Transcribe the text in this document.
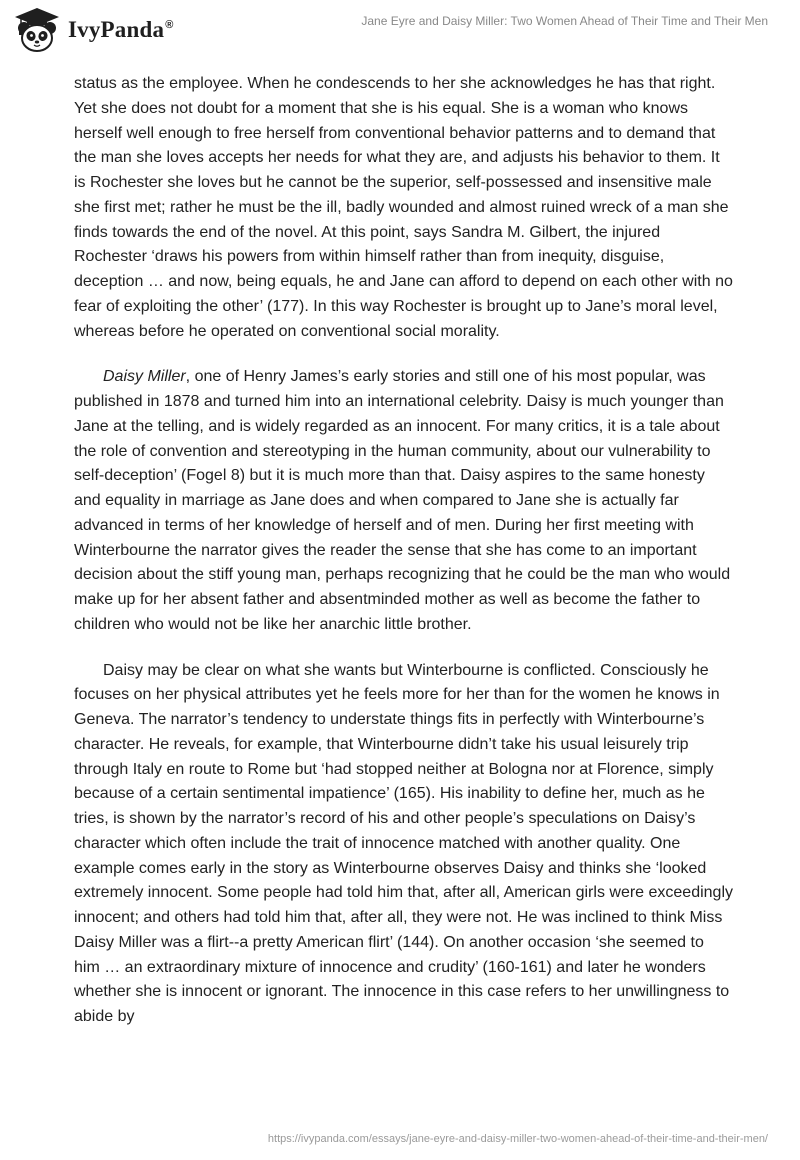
IvyPanda®	Jane Eyre and Daisy Miller: Two Women Ahead of Their Time and Their Men

status as the employee. When he condescends to her she acknowledges he has that right. Yet she does not doubt for a moment that she is his equal. She is a woman who knows herself well enough to free herself from conventional behavior patterns and to demand that the man she loves accepts her needs for what they are, and adjusts his behavior to them. It is Rochester she loves but he cannot be the superior, self-possessed and insensitive male she first met; rather he must be the ill, badly wounded and almost ruined wreck of a man she finds towards the end of the novel. At this point, says Sandra M. Gilbert, the injured Rochester ‘draws his powers from within himself rather than from inequity, disguise, deception … and now, being equals, he and Jane can afford to depend on each other with no fear of exploiting the other’ (177). In this way Rochester is brought up to Jane’s moral level, whereas before he operated on conventional social morality.

Daisy Miller, one of Henry James’s early stories and still one of his most popular, was published in 1878 and turned him into an international celebrity. Daisy is much younger than Jane at the telling, and is widely regarded as an innocent. For many critics, it is a tale about the role of convention and stereotyping in the human community, about our vulnerability to self-deception’ (Fogel 8) but it is much more than that. Daisy aspires to the same honesty and equality in marriage as Jane does and when compared to Jane she is actually far advanced in terms of her knowledge of herself and of men. During her first meeting with Winterbourne the narrator gives the reader the sense that she has come to an important decision about the stiff young man, perhaps recognizing that he could be the man who would make up for her absent father and absentminded mother as well as become the father to children who would not be like her anarchic little brother.

Daisy may be clear on what she wants but Winterbourne is conflicted. Consciously he focuses on her physical attributes yet he feels more for her than for the women he knows in Geneva. The narrator’s tendency to understate things fits in perfectly with Winterbourne’s character. He reveals, for example, that Winterbourne didn’t take his usual leisurely trip through Italy en route to Rome but ‘had stopped neither at Bologna nor at Florence, simply because of a certain sentimental impatience’ (165). His inability to define her, much as he tries, is shown by the narrator’s record of his and other people’s speculations on Daisy’s character which often include the trait of innocence matched with another quality. One example comes early in the story as Winterbourne observes Daisy and thinks she ‘looked extremely innocent. Some people had told him that, after all, American girls were exceedingly innocent; and others had told him that, after all, they were not. He was inclined to think Miss Daisy Miller was a flirt--a pretty American flirt’ (144). On another occasion ‘she seemed to him … an extraordinary mixture of innocence and crudity’ (160-161) and later he wonders whether she is innocent or ignorant. The innocence in this case refers to her unwillingness to abide by

https://ivypanda.com/essays/jane-eyre-and-daisy-miller-two-women-ahead-of-their-time-and-their-men/
